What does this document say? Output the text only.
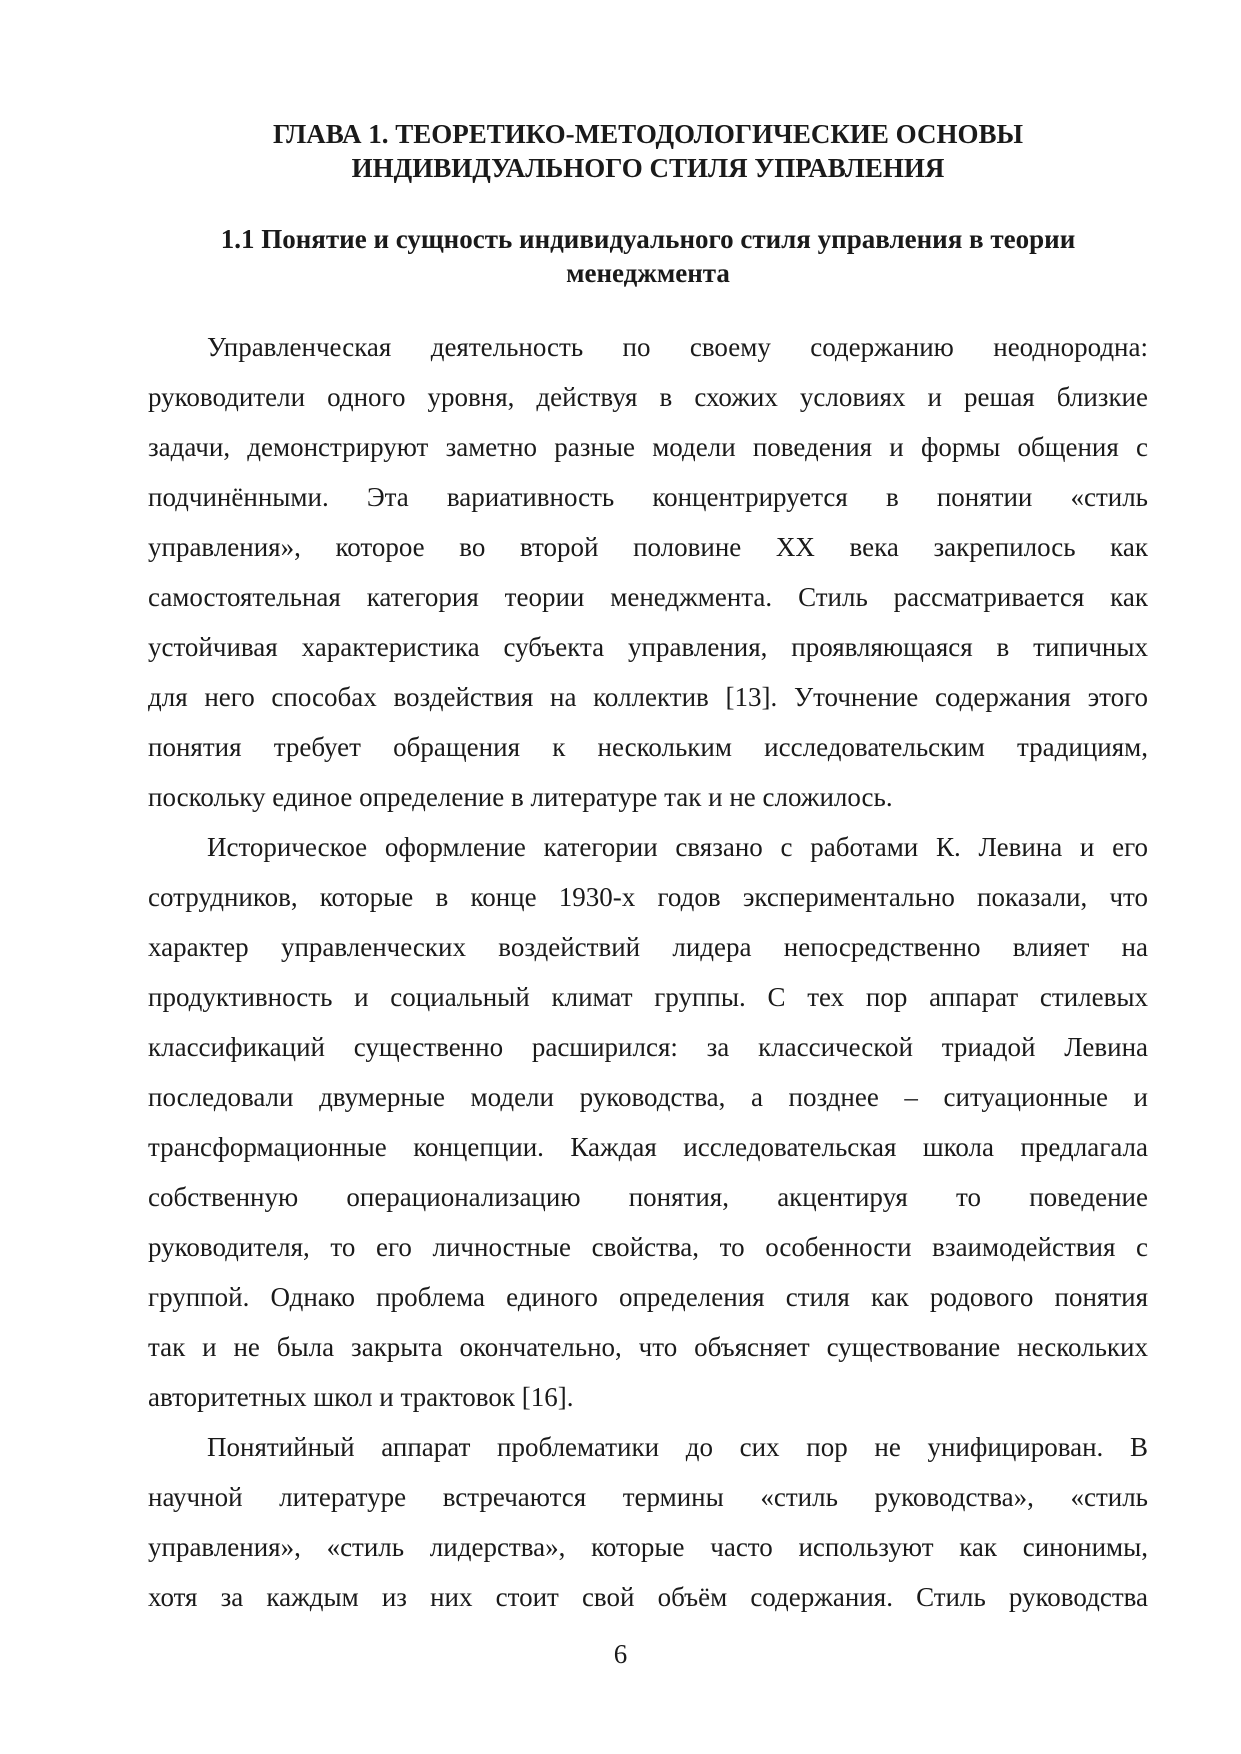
ГЛАВА 1. ТЕОРЕТИКО-МЕТОДОЛОГИЧЕСКИЕ ОСНОВЫ
ИНДИВИДУАЛЬНОГО СТИЛЯ УПРАВЛЕНИЯ
1.1 Понятие и сущность индивидуального стиля управления в теории
менеджмента
Управленческая деятельность по своему содержанию неоднородна:
руководители одного уровня, действуя в схожих условиях и решая близкие
задачи, демонстрируют заметно разные модели поведения и формы общения с
подчинёнными. Эта вариативность концентрируется в понятии «стиль
управления», которое во второй половине XX века закрепилось как
самостоятельная категория теории менеджмента. Стиль рассматривается как
устойчивая характеристика субъекта управления, проявляющаяся в типичных
для него способах воздействия на коллектив [13]. Уточнение содержания этого
понятия требует обращения к нескольким исследовательским традициям,
поскольку единое определение в литературе так и не сложилось.
Историческое оформление категории связано с работами К. Левина и его
сотрудников, которые в конце 1930-х годов экспериментально показали, что
характер управленческих воздействий лидера непосредственно влияет на
продуктивность и социальный климат группы. С тех пор аппарат стилевых
классификаций существенно расширился: за классической триадой Левина
последовали двумерные модели руководства, а позднее – ситуационные и
трансформационные концепции. Каждая исследовательская школа предлагала
собственную операционализацию понятия, акцентируя то поведение
руководителя, то его личностные свойства, то особенности взаимодействия с
группой. Однако проблема единого определения стиля как родового понятия
так и не была закрыта окончательно, что объясняет существование нескольких
авторитетных школ и трактовок [16].
Понятийный аппарат проблематики до сих пор не унифицирован. В
научной литературе встречаются термины «стиль руководства», «стиль
управления», «стиль лидерства», которые часто используют как синонимы,
хотя за каждым из них стоит свой объём содержания. Стиль руководства
6
